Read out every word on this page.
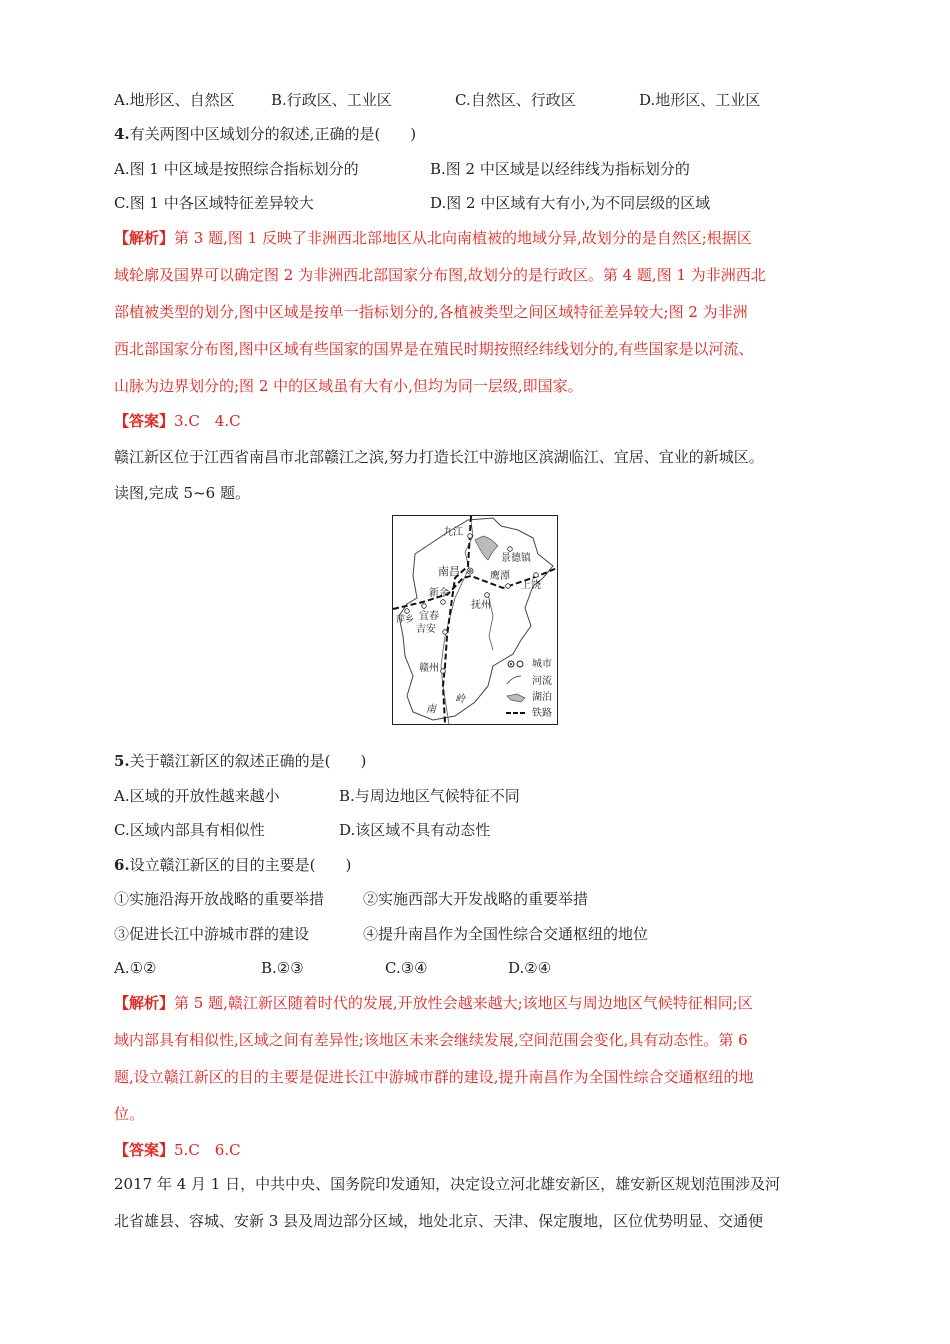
A.地形区、自然区 B.行政区、工业区	C.自然区、行政区	D.地形区、工业区
4.有关两图中区域划分的叙述,正确的是(　　)
A.图 1 中区域是按照综合指标划分的	B.图 2 中区域是以经纬线为指标划分的
C.图 1 中各区域特征差异较大	D.图 2 中区域有大有小,为不同层级的区域
【解析】第 3 题,图 1 反映了非洲西北部地区从北向南植被的地域分异,故划分的是自然区;根据区
域轮廓及国界可以确定图 2 为非洲西北部国家分布图,故划分的是行政区。第 4 题,图 1 为非洲西北
部植被类型的划分,图中区域是按单一指标划分的,各植被类型之间区域特征差异较大;图 2 为非洲
西北部国家分布图,图中区域有些国家的国界是在殖民时期按照经纬线划分的,有些国家是以河流、
山脉为边界划分的;图 2 中的区域虽有大有小,但均为同一层级,即国家。
【答案】3.C　4.C
赣江新区位于江西省南昌市北部赣江之滨,努力打造长江中游地区滨湖临江、宜居、宜业的新城区。
读图,完成 5~6 题。
九江
景德镇
南昌	鹰潭
上饶
新余
抚州
萍乡 宜春
吉安
赣州
南
岭
城市
河流
湖泊
铁路
5.关于赣江新区的叙述正确的是(　　)
A.区域的开放性越来越小	B.与周边地区气候特征不同
C.区域内部具有相似性	D.该区域不具有动态性
6.设立赣江新区的目的主要是(　　)
①实施沿海开放战略的重要举措	②实施西部大开发战略的重要举措
③促进长江中游城市群的建设	④提升南昌作为全国性综合交通枢纽的地位
A.①②	B.②③	C.③④	D.②④
【解析】第 5 题,赣江新区随着时代的发展,开放性会越来越大;该地区与周边地区气候特征相同;区
域内部具有相似性,区域之间有差异性;该地区未来会继续发展,空间范围会变化,具有动态性。第 6
题,设立赣江新区的目的主要是促进长江中游城市群的建设,提升南昌作为全国性综合交通枢纽的地
位。
【答案】5.C　6.C
2017 年 4 月 1 日，中共中央、国务院印发通知，决定设立河北雄安新区，雄安新区规划范围涉及河
北省雄县、容城、安新 3 县及周边部分区域，地处北京、天津、保定腹地，区位优势明显、交通便
